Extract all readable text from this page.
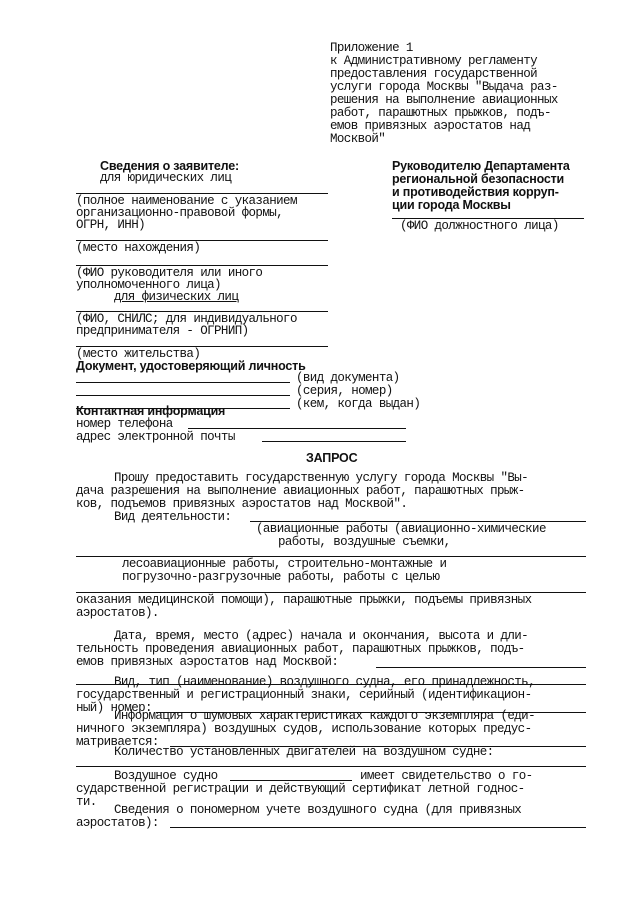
Приложение 1
к Административному регламенту
предоставления государственной
услуги города Москвы "Выдача раз-
решения на выполнение авиационных
работ, парашютных прыжков, подъ-
емов привязных аэростатов над
Москвой"
Сведения о заявителе:
для юридических лиц
(полное наименование с указанием
организационно-правовой формы,
ОГРН, ИНН)
(место нахождения)
(ФИО руководителя или иного
уполномоченного лица)
для физических лиц
(ФИО, СНИЛС; для индивидуального
предпринимателя - ОГРНИП)
(место жительства)
Руководителю Департамента
региональной безопасности
и противодействия корруп-
ции города Москвы
(ФИО должностного лица)
Документ, удостоверяющий личность
(вид документа)
(серия, номер)
(кем, когда выдан)
Контактная информация
номер телефона
адрес электронной почты
ЗАПРОС
Прошу предоставить государственную услугу города Москвы "Вы-
дача разрешения на выполнение авиационных работ, парашютных прыж-
ков, подъемов привязных аэростатов над Москвой".
Вид деятельности:
(авиационные работы (авиационно-химические
работы, воздушные съемки,
лесоавиационные работы, строительно-монтажные и
погрузочно-разгрузочные работы, работы с целью
оказания медицинской помощи), парашютные прыжки, подъемы привязных
аэростатов).
Дата, время, место (адрес) начала и окончания, высота и дли-
тельность проведения авиационных работ, парашютных прыжков, подъ-
емов привязных аэростатов над Москвой:
Вид, тип (наименование) воздушного судна, его принадлежность,
государственный и регистрационный знаки, серийный (идентификацион-
ный) номер:
Информация о шумовых характеристиках каждого экземпляра (еди-
ничного экземпляра) воздушных судов, использование которых предус-
матривается:
Количество установленных двигателей на воздушном судне:
Воздушное судно	имеет свидетельство о го-
сударственной регистрации и действующий сертификат летной годнос-
ти.
Сведения о пономерном учете воздушного судна (для привязных
аэростатов):
